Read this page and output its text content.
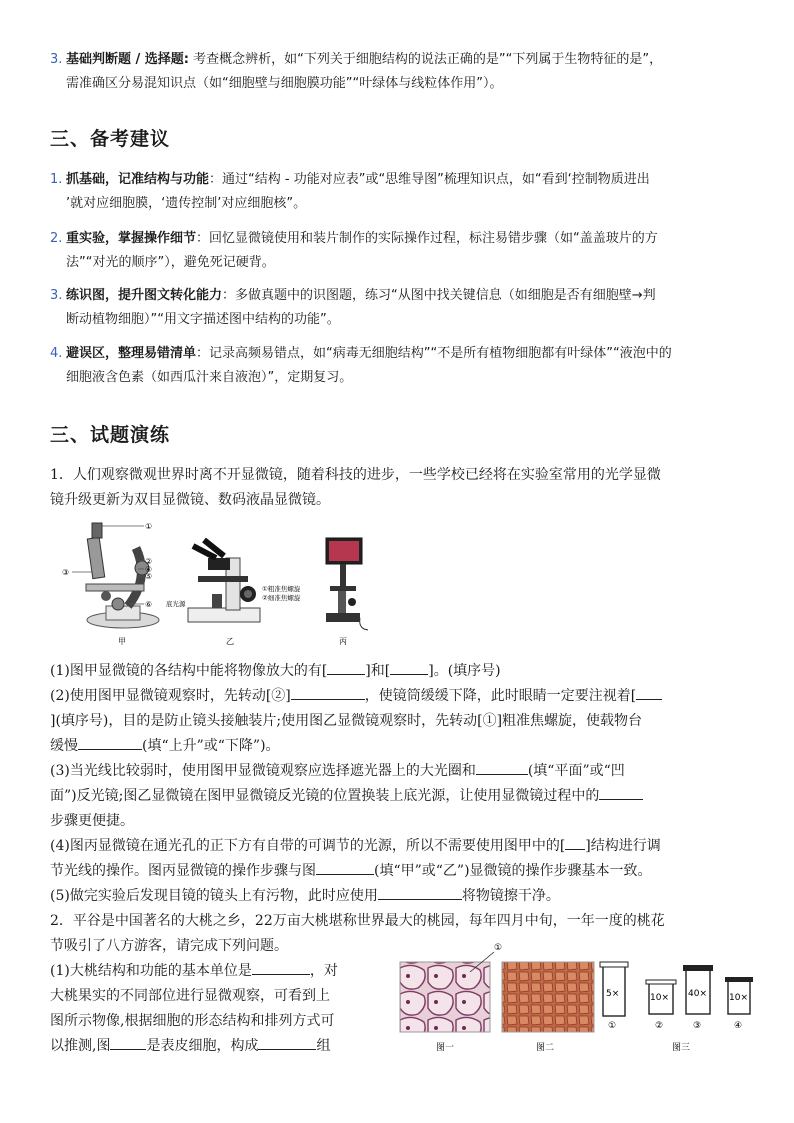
3. 基础判断题 / 选择题: 考查概念辨析，如“下列关于细胞结构的说法正确的是”“下列属于生物特征的是”，
需准确区分易混知识点（如“细胞壁与细胞膜功能”“叶绿体与线粒体作用”）。
三、备考建议
1. 抓基础，记准结构与功能：通过“结构 - 功能对应表”或“思维导图”梳理知识点，如“看到‘控制物质进出
’就对应细胞膜，‘遗传控制’对应细胞核”。
2. 重实验，掌握操作细节：回忆显微镜使用和装片制作的实际操作过程，标注易错步骤（如“盖盖玻片的方
法”“对光的顺序”），避免死记硬背。
3. 练识图，提升图文转化能力：多做真题中的识图题，练习“从图中找关键信息（如细胞是否有细胞壁→判
断动植物细胞）”“用文字描述图中结构的功能”。
4. 避误区，整理易错清单：记录高频易错点，如“病毒无细胞结构”“不是所有植物细胞都有叶绿体”“液泡中的
细胞液含色素（如西瓜汁来自液泡）”，定期复习。
三、试题演练
1．人们观察微观世界时离不开显微镜，随着科技的进步，一些学校已经将在实验室常用的光学显微
镜升级更新为双目显微镜、数码液晶显微镜。
①
②
④
⑤
⑥
③
甲
①粗准焦螺旋
②细准焦螺旋
底光源
乙	丙
(1)图甲显微镜的各结构中能将物像放大的有[	]和[	]。(填序号)
(2)使用图甲显微镜观察时，先转动[②]	，使镜筒缓缓下降，此时眼睛一定要注视着[
](填序号)，目的是防止镜头接触装片;使用图乙显微镜观察时，先转动[①]粗准焦螺旋，使载物台
缓慢	(填“上升”或“下降”)。
(3)当光线比较弱时，使用图甲显微镜观察应选择遮光器上的大光圈和	(填“平面”或“凹
面”)反光镜;图乙显微镜在图甲显微镜反光镜的位置换装上底光源，让使用显微镜过程中的
步骤更便捷。
(4)图丙显微镜在通光孔的正下方有自带的可调节的光源，所以不需要使用图甲中的[ ]结构进行调
节光线的操作。图丙显微镜的操作步骤与图	(填“甲”或“乙”)显微镜的操作步骤基本一致。
(5)做完实验后发现目镜的镜头上有污物，此时应使用	将物镜擦干净。
2．平谷是中国著名的大桃之乡，22万亩大桃堪称世界最大的桃园，每年四月中旬，一年一度的桃花
节吸引了八方游客，请完成下列问题。
(1)大桃结构和功能的基本单位是	，对
大桃果实的不同部位进行显微观察，可看到上
图所示物像,根据细胞的形态结构和排列方式可
以推测,图	是表皮细胞，构成	组
①
5×	10× 40× 10×
①	②	③	④
图一	图二	图三
